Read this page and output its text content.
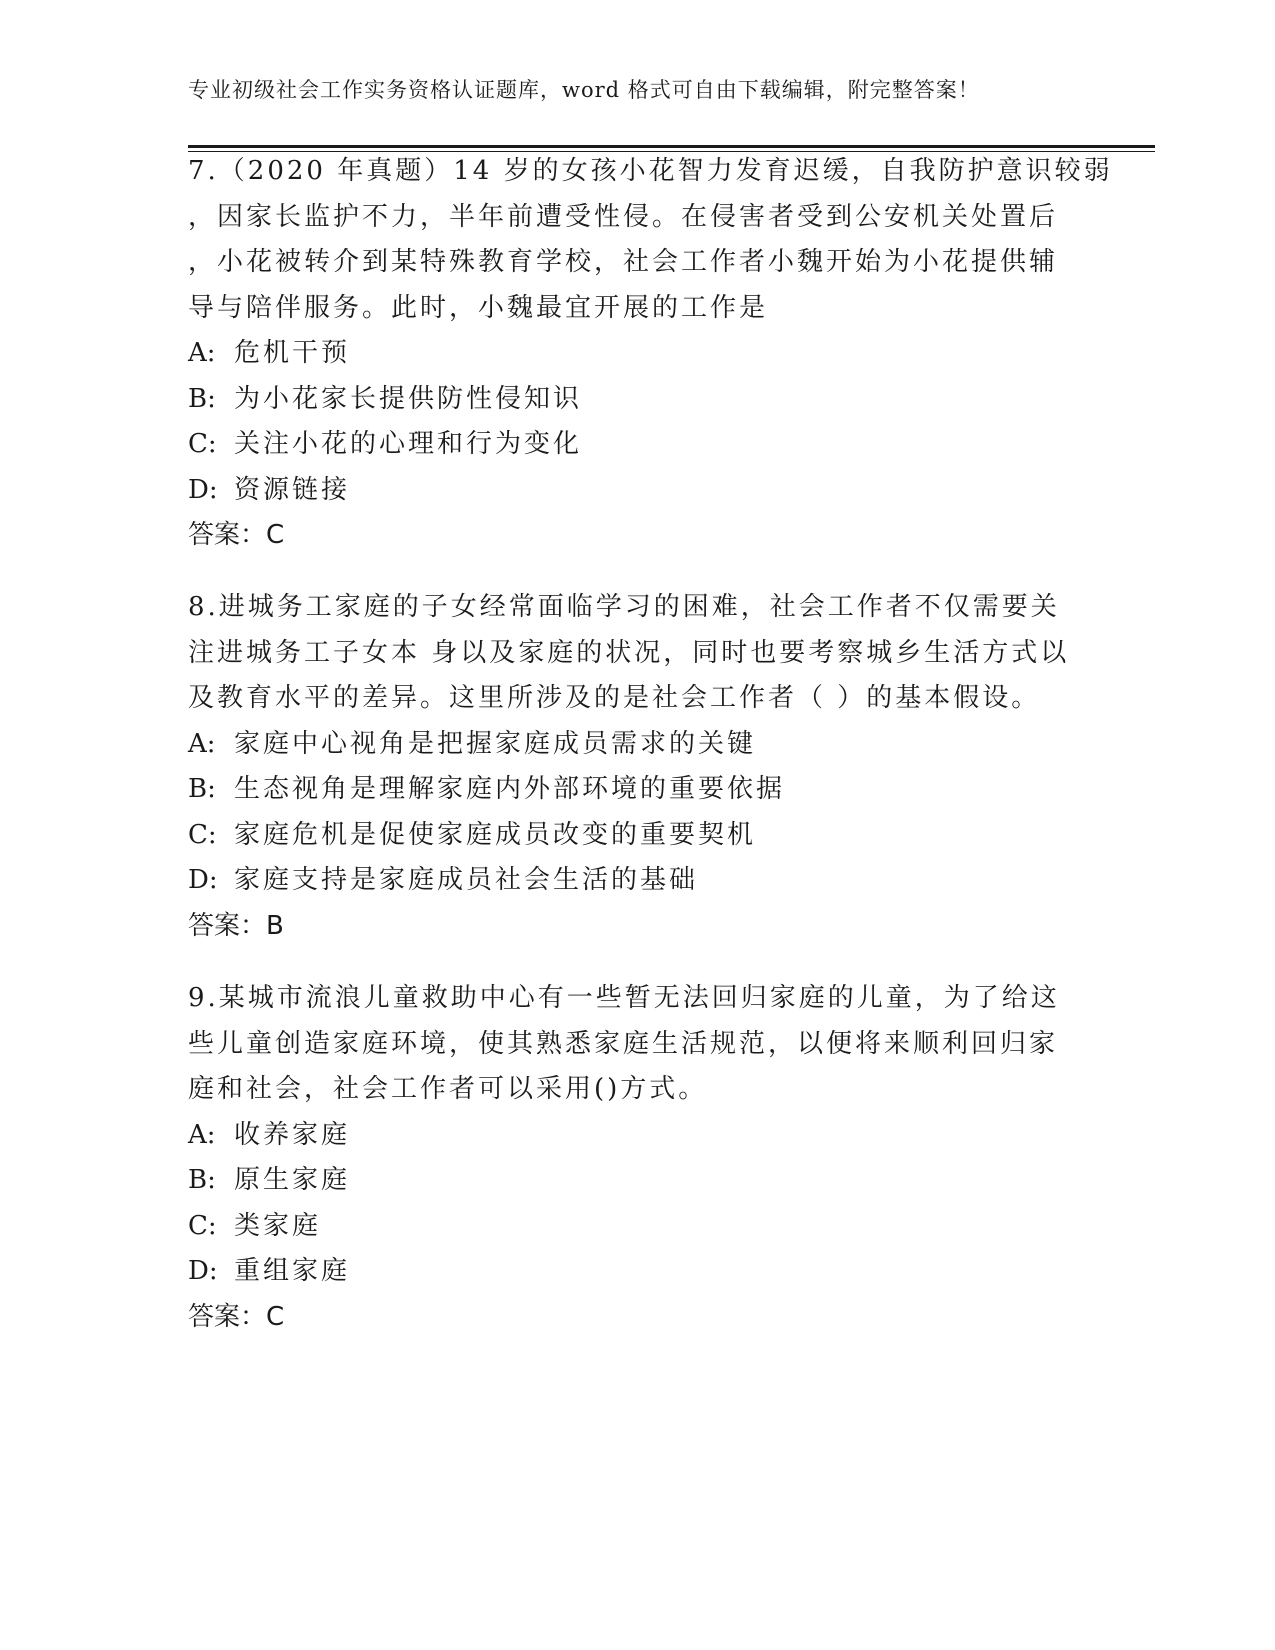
专业初级社会工作实务资格认证题库，word 格式可自由下载编辑，附完整答案！
7.（2020 年真题）14 岁的女孩小花智力发育迟缓，自我防护意识较弱
，因家长监护不力，半年前遭受性侵。在侵害者受到公安机关处置后
，小花被转介到某特殊教育学校，社会工作者小魏开始为小花提供辅
导与陪伴服务。此时，小魏最宜开展的工作是
A: 危机干预
B: 为小花家长提供防性侵知识
C: 关注小花的心理和行为变化
D: 资源链接
答案：C
8.进城务工家庭的子女经常面临学习的困难，社会工作者不仅需要关
注进城务工子女本 身以及家庭的状况，同时也要考察城乡生活方式以
及教育水平的差异。这里所涉及的是社会工作者（ ）的基本假设。
A: 家庭中心视角是把握家庭成员需求的关键
B: 生态视角是理解家庭内外部环境的重要依据
C: 家庭危机是促使家庭成员改变的重要契机
D: 家庭支持是家庭成员社会生活的基础
答案：B
9.某城市流浪儿童救助中心有一些暂无法回归家庭的儿童，为了给这
些儿童创造家庭环境，使其熟悉家庭生活规范，以便将来顺利回归家
庭和社会，社会工作者可以采用()方式。
A: 收养家庭
B: 原生家庭
C: 类家庭
D: 重组家庭
答案：C
